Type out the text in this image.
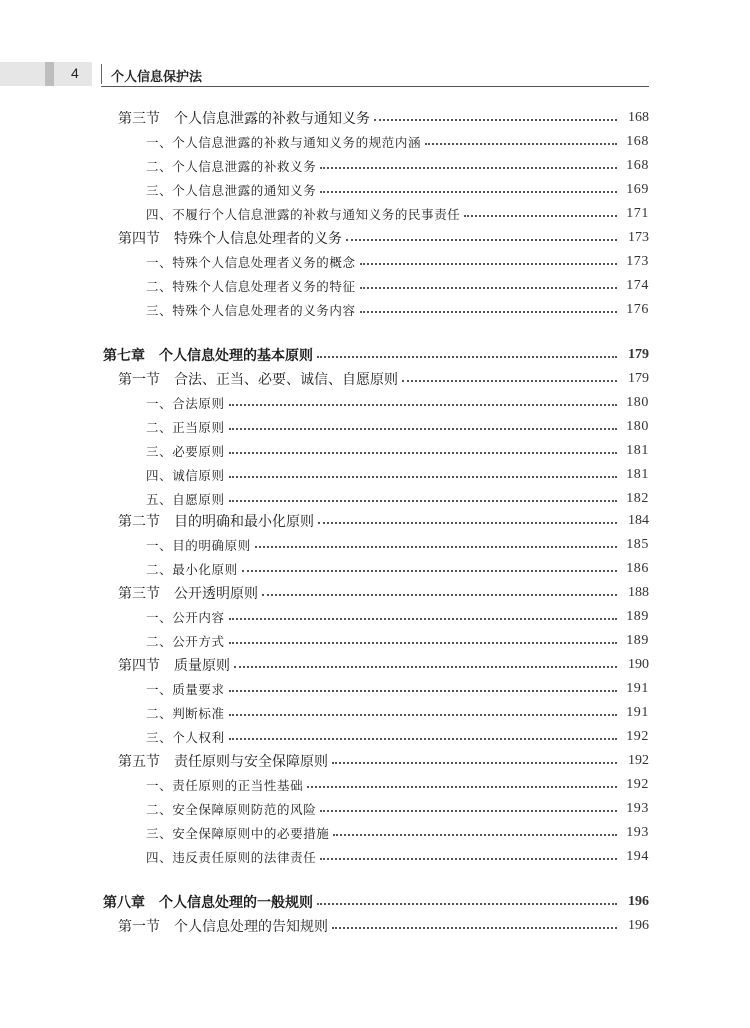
4 个人信息保护法
第三节 个人信息泄露的补救与通知义务	168
一、个人信息泄露的补救与通知义务的规范内涵	168
二、个人信息泄露的补救义务	168
三、个人信息泄露的通知义务	169
四、不履行个人信息泄露的补救与通知义务的民事责任	171
第四节 特殊个人信息处理者的义务	173
一、特殊个人信息处理者义务的概念	173
二、特殊个人信息处理者义务的特征	174
三、特殊个人信息处理者的义务内容	176
第七章 个人信息处理的基本原则	179
第一节 合法、正当、必要、诚信、自愿原则	179
一、合法原则	180
二、正当原则	180
三、必要原则	181
四、诚信原则	181
五、自愿原则	182
第二节 目的明确和最小化原则	184
一、目的明确原则	185
二、最小化原则	186
第三节 公开透明原则	188
一、公开内容	189
二、公开方式	189
第四节 质量原则	190
一、质量要求	191
二、判断标准	191
三、个人权利	192
第五节 责任原则与安全保障原则	192
一、责任原则的正当性基础	192
二、安全保障原则防范的风险	193
三、安全保障原则中的必要措施	193
四、违反责任原则的法律责任	194
第八章 个人信息处理的一般规则	196
第一节 个人信息处理的告知规则	196
